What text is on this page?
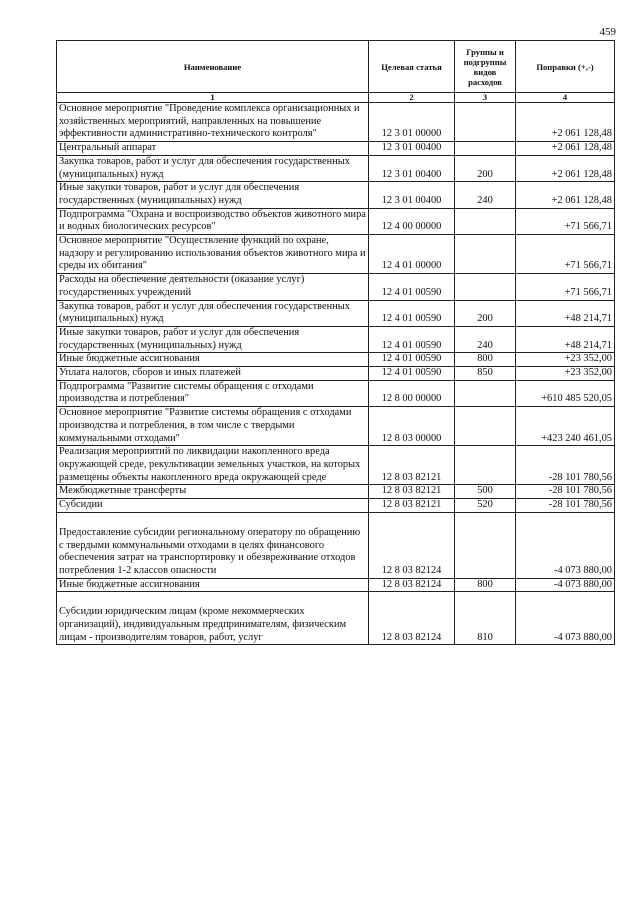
459
Наименование	Целевая статья	Группы и подгруппы видов расходов	Поправки (+,-)
1	2	3	4
Основное мероприятие "Проведение комплекса организационных и хозяйственных мероприятий, направленных на повышение эффективности административно-технического контроля"	12 3 01 00000		+2 061 128,48
Центральный аппарат	12 3 01 00400		+2 061 128,48
Закупка товаров, работ и услуг для обеспечения государственных (муниципальных) нужд	12 3 01 00400	200	+2 061 128,48
Иные закупки товаров, работ и услуг для обеспечения государственных (муниципальных) нужд	12 3 01 00400	240	+2 061 128,48
Подпрограмма "Охрана и воспроизводство объектов животного мира и водных биологических ресурсов"	12 4 00 00000		+71 566,71
Основное мероприятие "Осуществление функций по охране, надзору и регулированию использования объектов животного мира и среды их обитания"	12 4 01 00000		+71 566,71
Расходы на обеспечение деятельности (оказание услуг) государственных учреждений	12 4 01 00590		+71 566,71
Закупка товаров, работ и услуг для обеспечения государственных (муниципальных) нужд	12 4 01 00590	200	+48 214,71
Иные закупки товаров, работ и услуг для обеспечения государственных (муниципальных) нужд	12 4 01 00590	240	+48 214,71
Иные бюджетные ассигнования	12 4 01 00590	800	+23 352,00
Уплата налогов, сборов и иных платежей	12 4 01 00590	850	+23 352,00
Подпрограмма "Развитие системы обращения с отходами производства и потребления"	12 8 00 00000		+610 485 520,05
Основное мероприятие "Развитие системы обращения с отходами производства и потребления, в том числе с твердыми коммунальными отходами"	12 8 03 00000		+423 240 461,05
Реализация мероприятий по ликвидации накопленного вреда окружающей среде, рекультивации земельных участков, на которых размещены объекты накопленного вреда окружающей среде	12 8 03 82121		-28 101 780,56
Межбюджетные трансферты	12 8 03 82121	500	-28 101 780,56
Субсидии	12 8 03 82121	520	-28 101 780,56

Предоставление субсидии региональному оператору по обращению с твердыми коммунальными отходами в целях финансового обеспечения затрат на транспортировку и обезвреживание отходов потребления 1-2 классов опасности	12 8 03 82124		-4 073 880,00
Иные бюджетные ассигнования	12 8 03 82124	800	-4 073 880,00

Субсидии юридическим лицам (кроме некоммерческих организаций), индивидуальным предпринимателям, физическим лицам - производителям товаров, работ, услуг	12 8 03 82124	810	-4 073 880,00
